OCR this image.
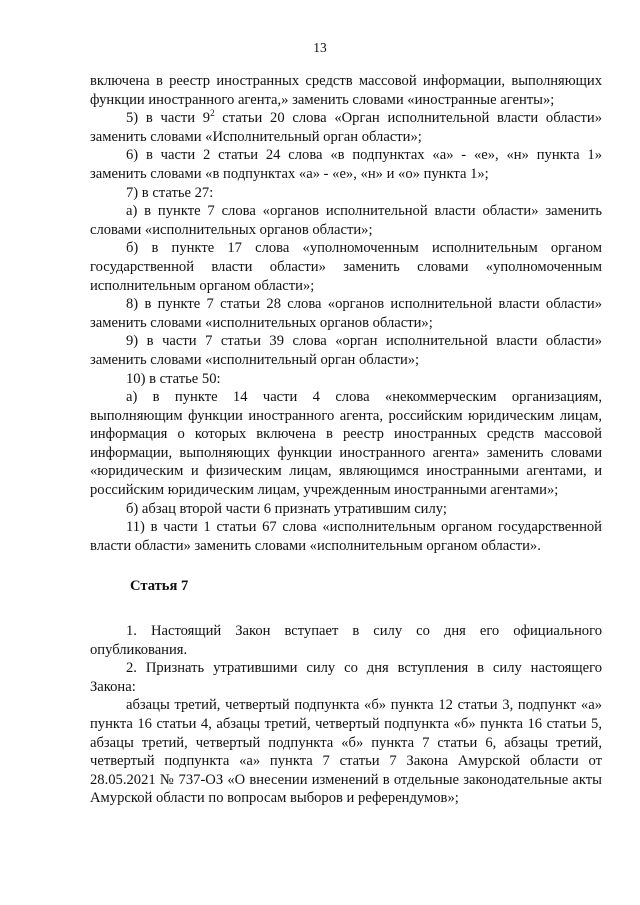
13

включена в реестр иностранных средств массовой информации, выполняющих функции иностранного агента,» заменить словами «иностранные агенты»;

5) в части $9^2$ статьи 20 слова «Орган исполнительной власти области» заменить словами «Исполнительный орган области»;

6) в части 2 статьи 24 слова «в подпунктах «а» - «е», «н» пункта 1» заменить словами «в подпунктах «а» - «е», «н» и «о» пункта 1»;

7) в статье 27:

а) в пункте 7 слова «органов исполнительной власти области» заменить словами «исполнительных органов области»;

б) в пункте 17 слова «уполномоченным исполнительным органом государственной власти области» заменить словами «уполномоченным исполнительным органом области»;

8) в пункте 7 статьи 28 слова «органов исполнительной власти области» заменить словами «исполнительных органов области»;

9) в части 7 статьи 39 слова «орган исполнительной власти области» заменить словами «исполнительный орган области»;

10) в статье 50:

а) в пункте 14 части 4 слова «некоммерческим организациям, выполняющим функции иностранного агента, российским юридическим лицам, информация о которых включена в реестр иностранных средств массовой информации, выполняющих функции иностранного агента» заменить словами «юридическим и физическим лицам, являющимся иностранными агентами, и российским юридическим лицам, учрежденным иностранными агентами»;

б) абзац второй части 6 признать утратившим силу;

11) в части 1 статьи 67 слова «исполнительным органом государственной власти области» заменить словами «исполнительным органом области».

Статья 7

1. Настоящий Закон вступает в силу со дня его официального опубликования.

2. Признать утратившими силу со дня вступления в силу настоящего Закона:

абзацы третий, четвертый подпункта «б» пункта 12 статьи 3, подпункт «а» пункта 16 статьи 4, абзацы третий, четвертый подпункта «б» пункта 16 статьи 5, абзацы третий, четвертый подпункта «б» пункта 7 статьи 6, абзацы третий, четвертый подпункта «а» пункта 7 статьи 7 Закона Амурской области от 28.05.2021 № 737-ОЗ «О внесении изменений в отдельные законодательные акты Амурской области по вопросам выборов и референдумов»;
